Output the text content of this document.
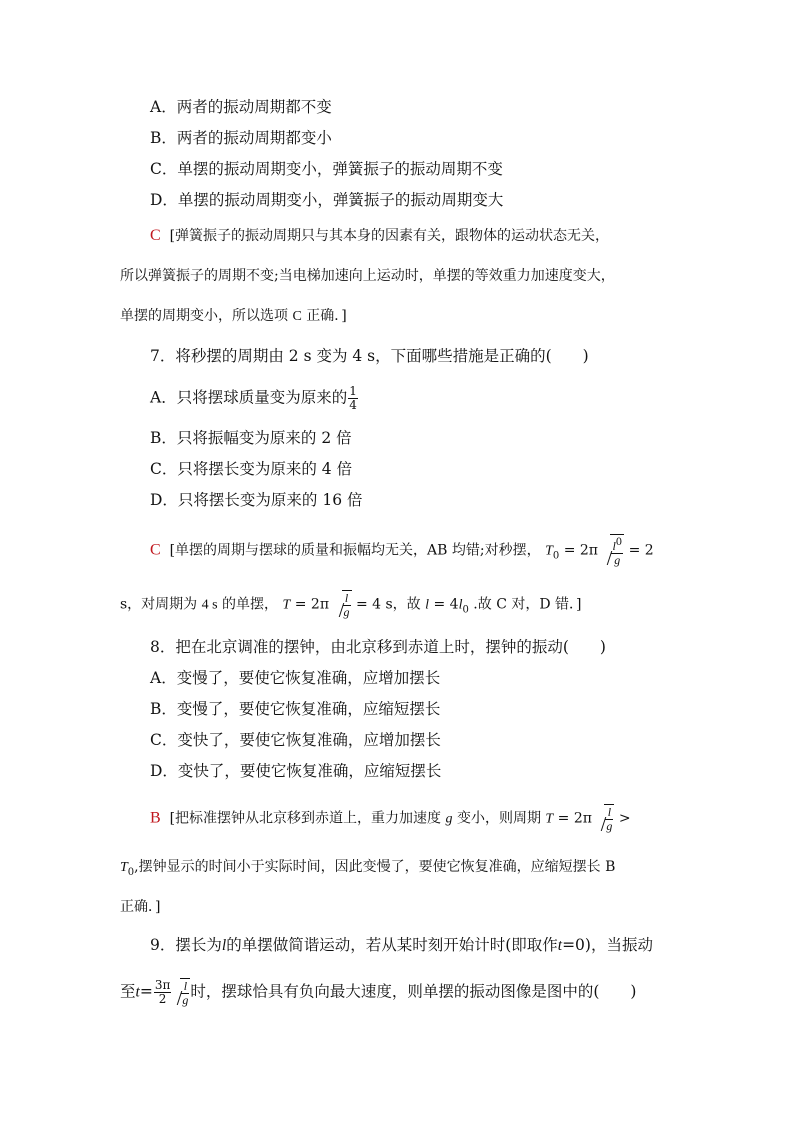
A．两者的振动周期都不变
B．两者的振动周期都变小
C．单摆的振动周期变小，弹簧振子的振动周期不变
D．单摆的振动周期变小，弹簧振子的振动周期变大
C [弹簧振子的振动周期只与其本身的因素有关，跟物体的运动状态无关，
所以弹簧振子的周期不变;当电梯加速向上运动时，单摆的等效重力加速度变大，
单摆的周期变小，所以选项 C 正确．]
7．将秒摆的周期由 2 s 变为 4 s，下面哪些措施是正确的(　　)
A．只将摆球质量变为原来的 $\frac{1}{4}$
B．只将振幅变为原来的 2 倍
C．只将摆长变为原来的 4 倍
D．只将摆长变为原来的 16 倍
C [单摆的周期与摆球的质量和振幅均无关，AB 均错;对秒摆， $T_0 = 2\pi \frac{l^0}{g} = 2$
s，对周期为 4 s 的单摆， $T = 2\pi \frac{l}{g} = 4$ s，故 $l = 4l_0$ .故 C 对，D 错．]
8．把在北京调准的摆钟，由北京移到赤道上时，摆钟的振动(　　)
A．变慢了，要使它恢复准确，应增加摆长
B．变慢了，要使它恢复准确，应缩短摆长
C．变快了，要使它恢复准确，应增加摆长
D．变快了，要使它恢复准确，应缩短摆长
B [把标准摆钟从北京移到赤道上，重力加速度 g 变小，则周期 $T = 2\pi \frac{l}{g}$ >
$T_0$,摆钟显示的时间小于实际时间，因此变慢了，要使它恢复准确，应缩短摆长 B
正确．]
9．摆长为l的单摆做简谐运动，若从某时刻开始计时(即取作t=0)，当振动
至$t= \frac{3\pi}{2} \frac{l}{g}$ 时，摆球恰具有负向最大速度，则单摆的振动图像是图中的(　　)
